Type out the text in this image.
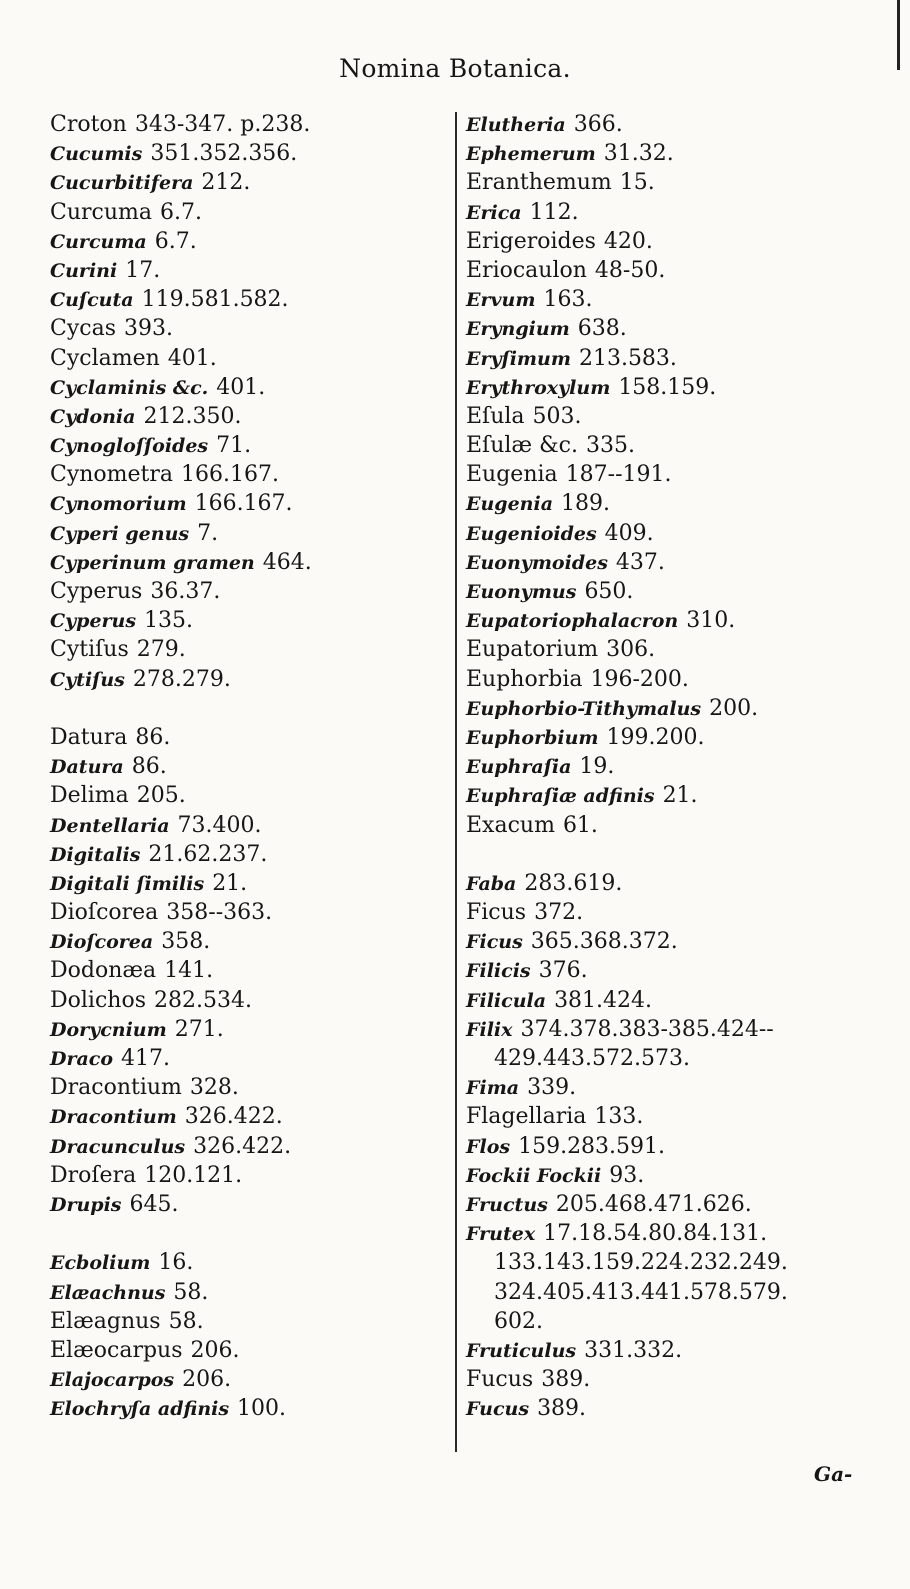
Nomina Botanica.
Croton 343-347. p.238.
Cucumis 351.352.356.
Cucurbitifera 212.
Curcuma 6.7.
Curcuma 6.7.
Curini 17.
Cuſcuta 119.581.582.
Cycas 393.
Cyclamen 401.
Cyclaminis &c. 401.
Cydonia 212.350.
Cynogloſſoides 71.
Cynometra 166.167.
Cynomorium 166.167.
Cyperi genus 7.
Cyperinum gramen 464.
Cyperus 36.37.
Cyperus 135.
Cytiſus 279.
Cytiſus 278.279.
Datura 86.
Datura 86.
Delima 205.
Dentellaria 73.400.
Digitalis 21.62.237.
Digitali ſimilis 21.
Dioſcorea 358--363.
Dioſcorea 358.
Dodonæa 141.
Dolichos 282.534.
Dorycnium 271.
Draco 417.
Dracontium 328.
Dracontium 326.422.
Dracunculus 326.422.
Droſera 120.121.
Drupis 645.
Ecbolium 16.
Elæachnus 58.
Elæagnus 58.
Elæocarpus 206.
Elajocarpos 206.
Elochryſa adfinis 100.
Elutheria 366.
Ephemerum 31.32.
Eranthemum 15.
Erica 112.
Erigeroides 420.
Eriocaulon 48-50.
Ervum 163.
Eryngium 638.
Eryſimum 213.583.
Erythroxylum 158.159.
Eſula 503.
Eſulæ &c. 335.
Eugenia 187--191.
Eugenia 189.
Eugenioides 409.
Euonymoides 437.
Euonymus 650.
Eupatoriophalacron 310.
Eupatorium 306.
Euphorbia 196-200.
Euphorbio-Tithymalus 200.
Euphorbium 199.200.
Euphraſia 19.
Euphraſiæ adfinis 21.
Exacum 61.
Faba 283.619.
Ficus 372.
Ficus 365.368.372.
Filicis 376.
Filicula 381.424.
Filix 374.378.383-385.424--
429.443.572.573.
Fima 339.
Flagellaria 133.
Flos 159.283.591.
Fockii Fockii 93.
Fructus 205.468.471.626.
Frutex 17.18.54.80.84.131.
133.143.159.224.232.249.
324.405.413.441.578.579.
602.
Fruticulus 331.332.
Fucus 389.
Fucus 389.
Ga-
